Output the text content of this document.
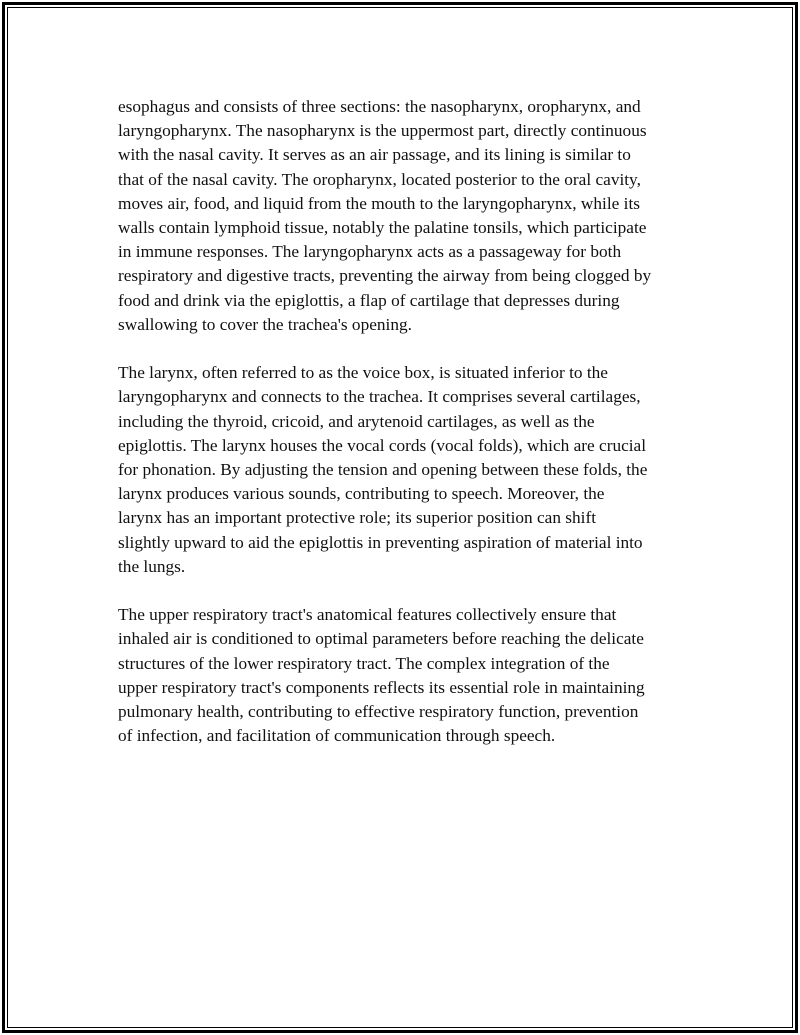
esophagus and consists of three sections: the nasopharynx, oropharynx, and
laryngopharynx. The nasopharynx is the uppermost part, directly continuous
with the nasal cavity. It serves as an air passage, and its lining is similar to
that of the nasal cavity. The oropharynx, located posterior to the oral cavity,
moves air, food, and liquid from the mouth to the laryngopharynx, while its
walls contain lymphoid tissue, notably the palatine tonsils, which participate
in immune responses. The laryngopharynx acts as a passageway for both
respiratory and digestive tracts, preventing the airway from being clogged by
food and drink via the epiglottis, a flap of cartilage that depresses during
swallowing to cover the trachea's opening.

The larynx, often referred to as the voice box, is situated inferior to the
laryngopharynx and connects to the trachea. It comprises several cartilages,
including the thyroid, cricoid, and arytenoid cartilages, as well as the
epiglottis. The larynx houses the vocal cords (vocal folds), which are crucial
for phonation. By adjusting the tension and opening between these folds, the
larynx produces various sounds, contributing to speech. Moreover, the
larynx has an important protective role; its superior position can shift
slightly upward to aid the epiglottis in preventing aspiration of material into
the lungs.

The upper respiratory tract's anatomical features collectively ensure that
inhaled air is conditioned to optimal parameters before reaching the delicate
structures of the lower respiratory tract. The complex integration of the
upper respiratory tract's components reflects its essential role in maintaining
pulmonary health, contributing to effective respiratory function, prevention
of infection, and facilitation of communication through speech.
